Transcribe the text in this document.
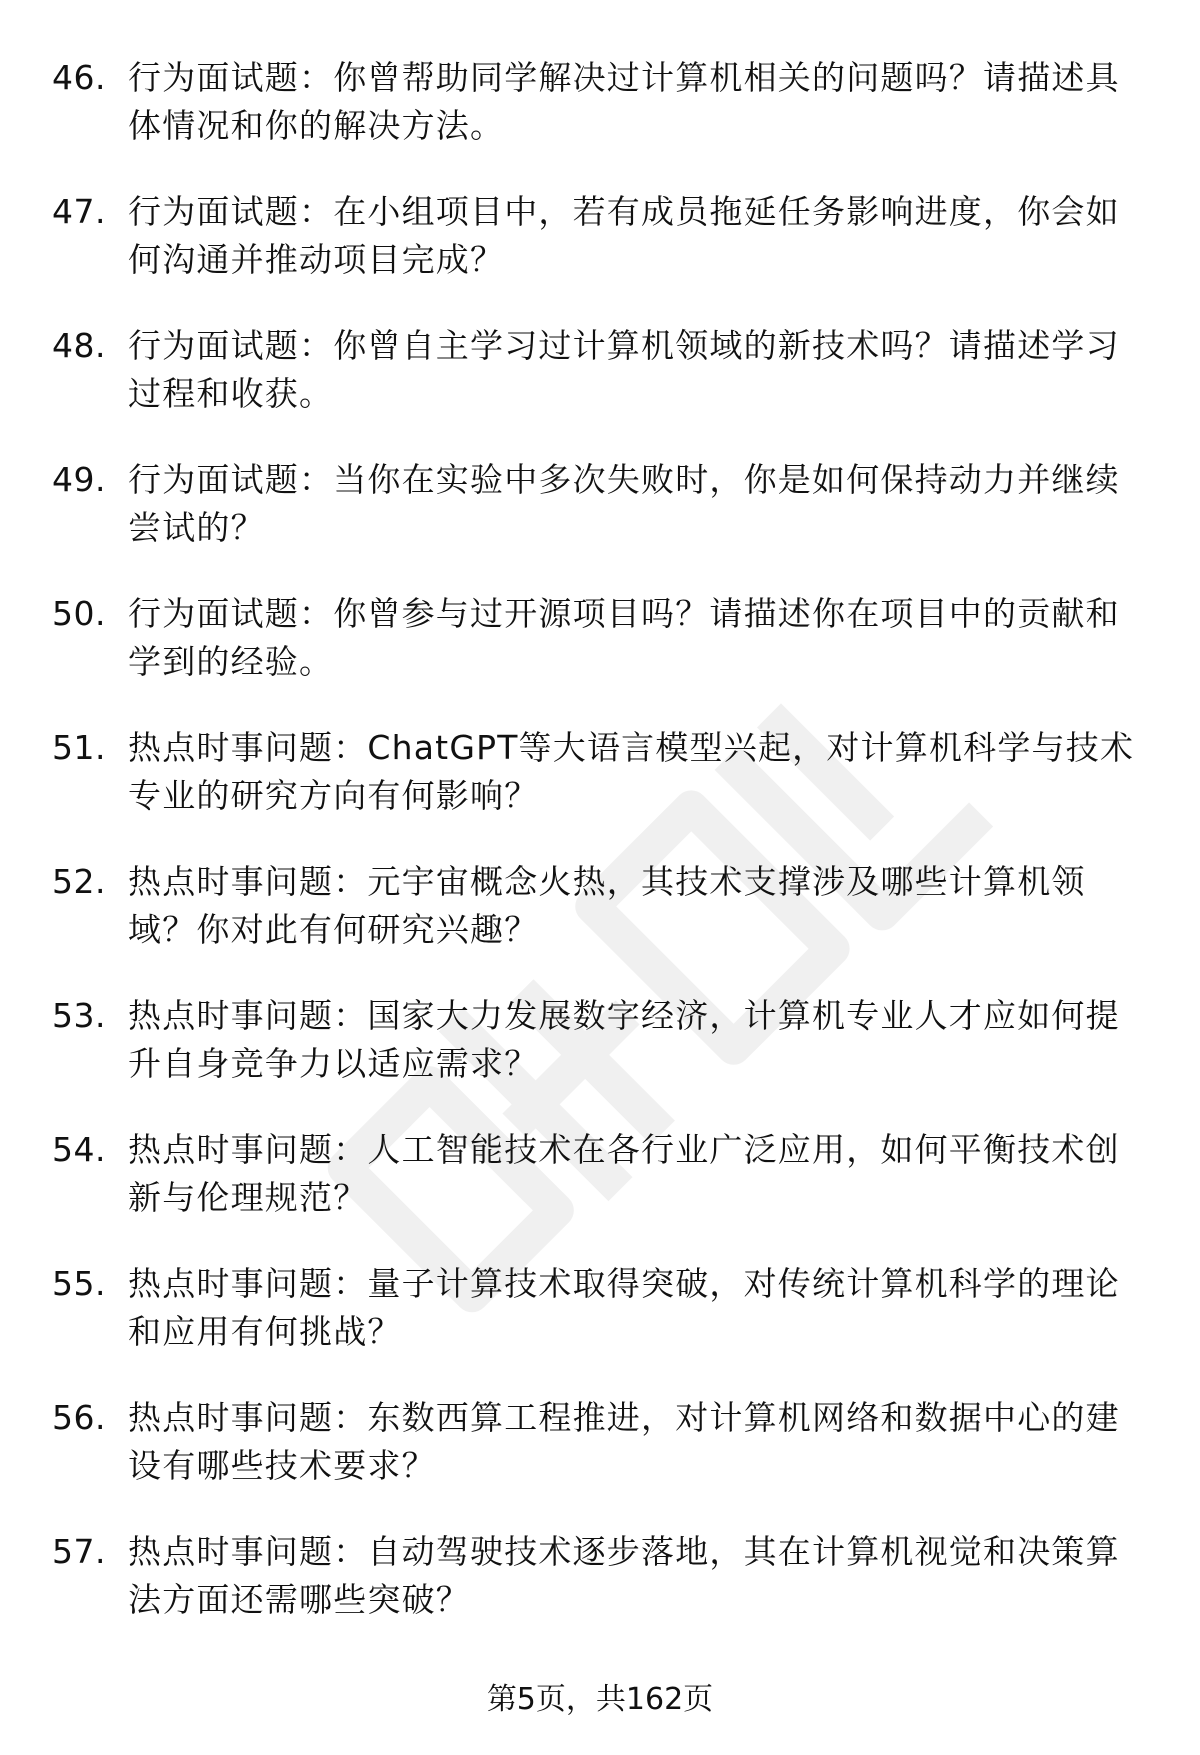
46. 行为面试题：你曾帮助同学解决过计算机相关的问题吗？请描述具体情况和你的解决方法。
47. 行为面试题：在小组项目中，若有成员拖延任务影响进度，你会如何沟通并推动项目完成？
48. 行为面试题：你曾自主学习过计算机领域的新技术吗？请描述学习过程和收获。
49. 行为面试题：当你在实验中多次失败时，你是如何保持动力并继续尝试的？
50. 行为面试题：你曾参与过开源项目吗？请描述你在项目中的贡献和学到的经验。
51. 热点时事问题：ChatGPT等大语言模型兴起，对计算机科学与技术专业的研究方向有何影响？
52. 热点时事问题：元宇宙概念火热，其技术支撑涉及哪些计算机领域？你对此有何研究兴趣？
53. 热点时事问题：国家大力发展数字经济，计算机专业人才应如何提升自身竞争力以适应需求？
54. 热点时事问题：人工智能技术在各行业广泛应用，如何平衡技术创新与伦理规范？
55. 热点时事问题：量子计算技术取得突破，对传统计算机科学的理论和应用有何挑战？
56. 热点时事问题：东数西算工程推进，对计算机网络和数据中心的建设有哪些技术要求？
57. 热点时事问题：自动驾驶技术逐步落地，其在计算机视觉和决策算法方面还需哪些突破？
第5页，共162页
